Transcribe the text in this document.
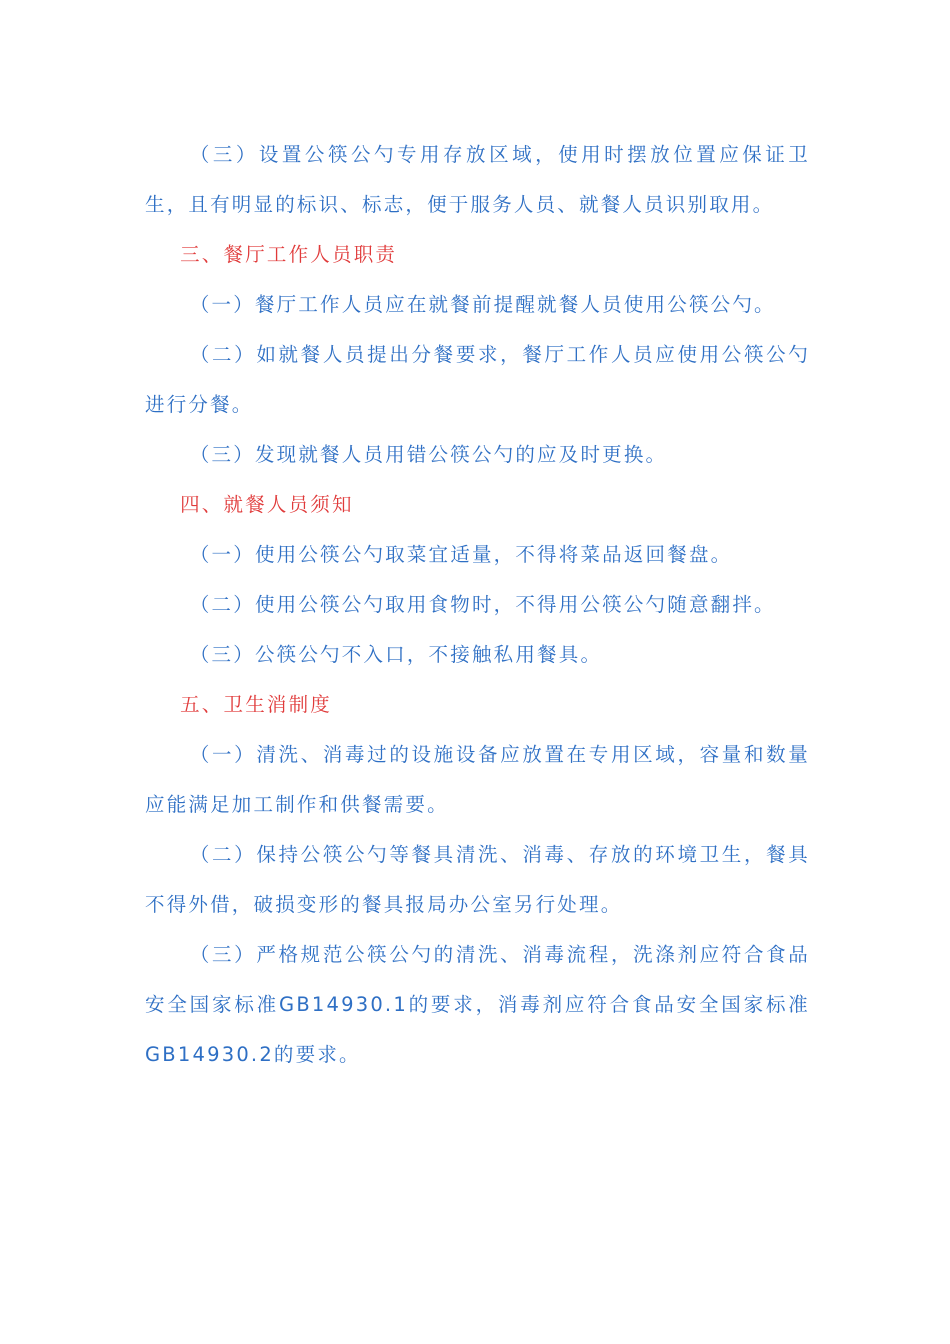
（三）设置公筷公勺专用存放区域，使用时摆放位置应保证卫生，且有明显的标识、标志，便于服务人员、就餐人员识别取用。

三、餐厅工作人员职责

（一）餐厅工作人员应在就餐前提醒就餐人员使用公筷公勺。

（二）如就餐人员提出分餐要求，餐厅工作人员应使用公筷公勺进行分餐。

（三）发现就餐人员用错公筷公勺的应及时更换。

四、就餐人员须知

（一）使用公筷公勺取菜宜适量，不得将菜品返回餐盘。

（二）使用公筷公勺取用食物时，不得用公筷公勺随意翻拌。

（三）公筷公勺不入口，不接触私用餐具。

五、卫生消制度

（一）清洗、消毒过的设施设备应放置在专用区域，容量和数量应能满足加工制作和供餐需要。

（二）保持公筷公勺等餐具清洗、消毒、存放的环境卫生，餐具不得外借，破损变形的餐具报局办公室另行处理。

（三）严格规范公筷公勺的清洗、消毒流程，洗涤剂应符合食品安全国家标准GB14930.1的要求，消毒剂应符合食品安全国家标准GB14930.2的要求。
